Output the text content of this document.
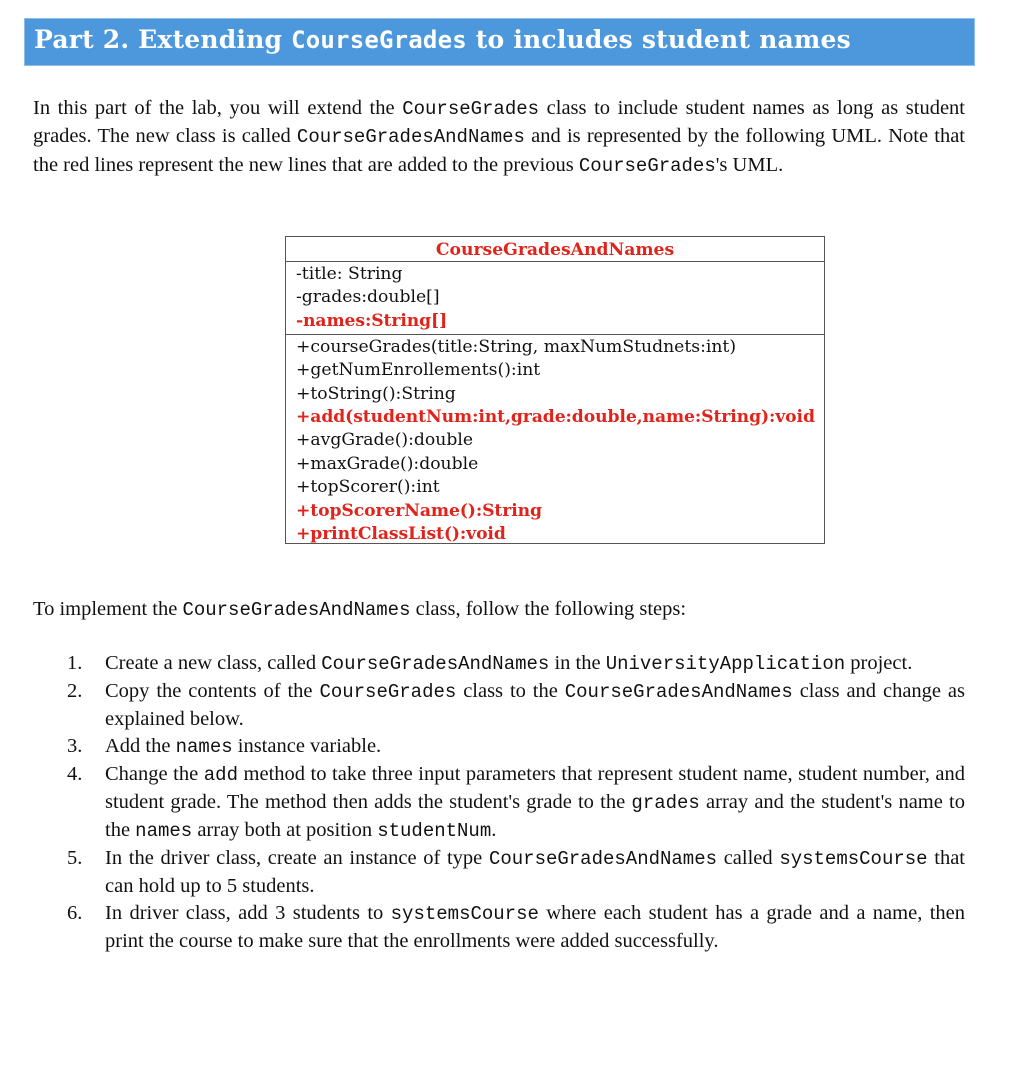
Part 2. Extending CourseGrades to includes student names

In this part of the lab, you will extend the CourseGrades class to include student names as long as student grades. The new class is called CourseGradesAndNames and is represented by the following UML. Note that the red lines represent the new lines that are added to the previous CourseGrades's UML.

CourseGradesAndNames
-title: String
-grades:double[]
-names:String[]
+courseGrades(title:String, maxNumStudnets:int)
+getNumEnrollements():int
+toString():String
+add(studentNum:int,grade:double,name:String):void
+avgGrade():double
+maxGrade():double
+topScorer():int
+topScorerName():String
+printClassList():void

To implement the CourseGradesAndNames class, follow the following steps:

1. Create a new class, called CourseGradesAndNames in the UniversityApplication project.
2. Copy the contents of the CourseGrades class to the CourseGradesAndNames class and change as explained below.
3. Add the names instance variable.
4. Change the add method to take three input parameters that represent student name, student number, and student grade. The method then adds the student's grade to the grades array and the student's name to the names array both at position studentNum.
5. In the driver class, create an instance of type CourseGradesAndNames called systemsCourse that can hold up to 5 students.
6. In driver class, add 3 students to systemsCourse where each student has a grade and a name, then print the course to make sure that the enrollments were added successfully.
